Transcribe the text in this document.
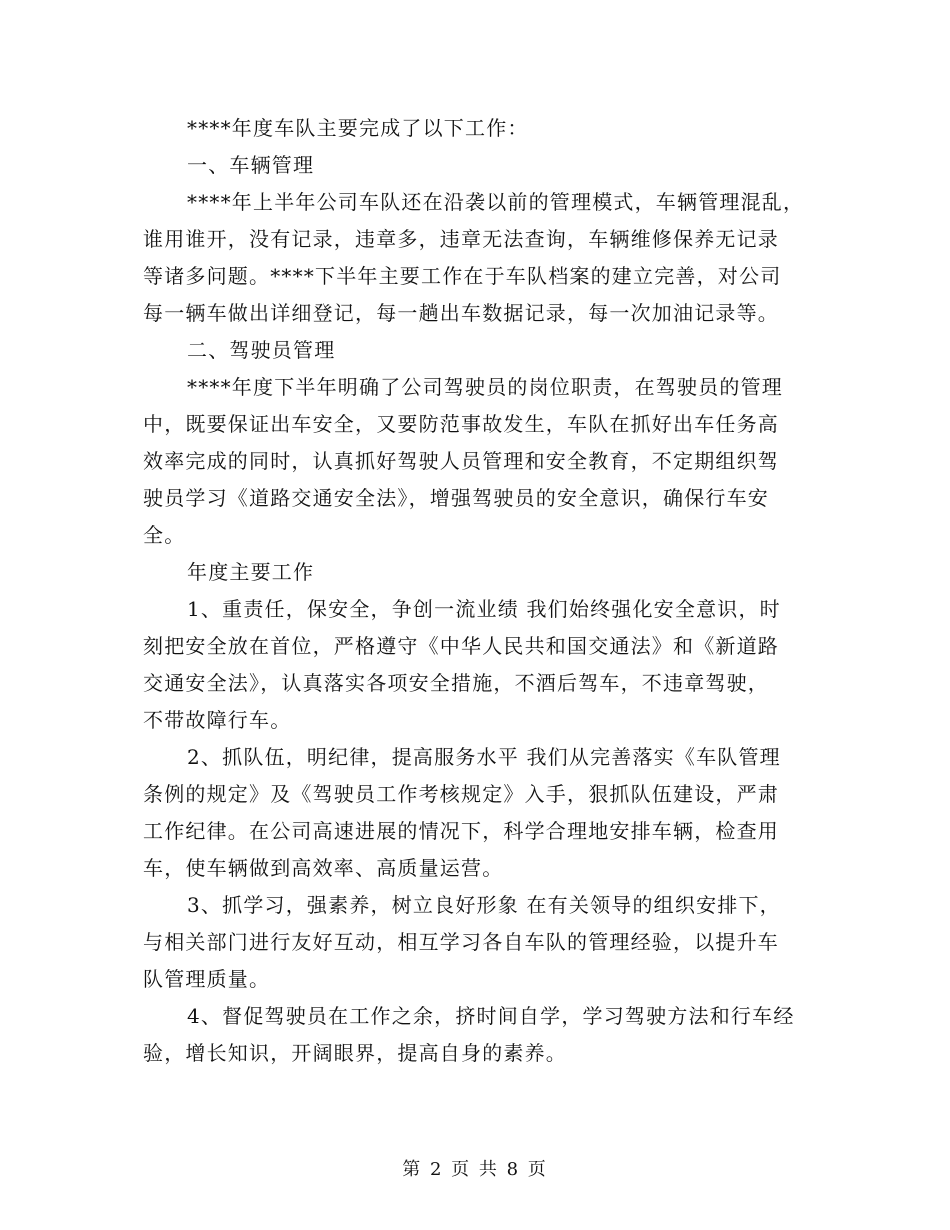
****年度车队主要完成了以下工作：
一、车辆管理
****年上半年公司车队还在沿袭以前的管理模式，车辆管理混乱，
谁用谁开，没有记录，违章多，违章无法查询，车辆维修保养无记录
等诸多问题。****下半年主要工作在于车队档案的建立完善，对公司
每一辆车做出详细登记，每一趟出车数据记录，每一次加油记录等。
二、驾驶员管理
****年度下半年明确了公司驾驶员的岗位职责，在驾驶员的管理
中，既要保证出车安全，又要防范事故发生，车队在抓好出车任务高
效率完成的同时，认真抓好驾驶人员管理和安全教育，不定期组织驾
驶员学习《道路交通安全法》，增强驾驶员的安全意识，确保行车安
全。
年度主要工作
1、重责任，保安全，争创一流业绩 我们始终强化安全意识，时
刻把安全放在首位，严格遵守《中华人民共和国交通法》和《新道路
交通安全法》，认真落实各项安全措施，不酒后驾车，不违章驾驶，
不带故障行车。
2、抓队伍，明纪律，提高服务水平 我们从完善落实《车队管理
条例的规定》及《驾驶员工作考核规定》入手，狠抓队伍建设，严肃
工作纪律。在公司高速进展的情况下，科学合理地安排车辆，检查用
车，使车辆做到高效率、高质量运营。
3、抓学习，强素养，树立良好形象 在有关领导的组织安排下，
与相关部门进行友好互动，相互学习各自车队的管理经验，以提升车
队管理质量。
4、督促驾驶员在工作之余，挤时间自学，学习驾驶方法和行车经
验，增长知识，开阔眼界，提高自身的素养。
第 2 页 共 8 页
